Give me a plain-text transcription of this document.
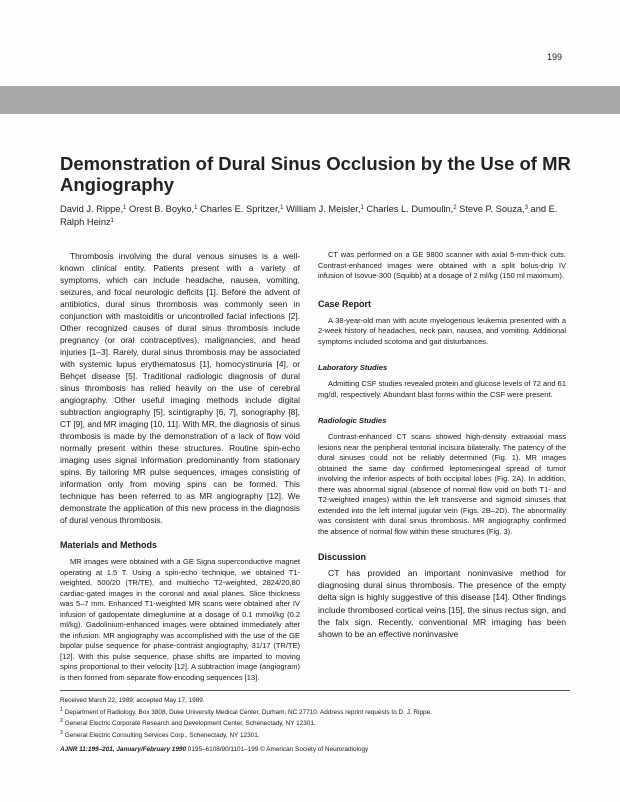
199
Demonstration of Dural Sinus Occlusion by the Use of MR Angiography
David J. Rippe,$^1$ Orest B. Boyko,$^1$ Charles E. Spritzer,$^1$ William J. Meisler,$^1$ Charles L. Dumoulin,$^2$ Steve P. Souza,$^3$ and E. Ralph Heinz$^1$

Thrombosis involving the dural venous sinuses is a well-known clinical entity. Patients present with a variety of symptoms, which can include headache, nausea, vomiting, seizures, and focal neurologic deficits [1]. Before the advent of antibiotics, dural sinus thrombosis was commonly seen in conjunction with mastoiditis or uncontrolled facial infections [2]. Other recognized causes of dural sinus thrombosis include pregnancy (or oral contraceptives), malignancies, and head injuries [1–3]. Rarely, dural sinus thrombosis may be associated with systemic lupus erythematosus [1], homocystinuria [4], or Behçet disease [5]. Traditional radiologic diagnosis of dural sinus thrombosis has relied heavily on the use of cerebral angiography. Other useful imaging methods include digital subtraction angiography [5], scintigraphy [6, 7], sonography [8], CT [9], and MR imaging [10, 11]. With MR, the diagnosis of sinus thrombosis is made by the demonstration of a lack of flow void normally present within these structures. Routine spin-echo imaging uses signal information predominantly from stationary spins. By tailoring MR pulse sequences, images consisting of information only from moving spins can be formed. This technique has been referred to as MR angiography [12]. We demonstrate the application of this new process in the diagnosis of dural venous thrombosis.

Materials and Methods

MR images were obtained with a GE Signa superconductive magnet operating at 1.5 T. Using a spin-echo technique, we obtained T1-weighted, 500/20 (TR/TE), and multiecho T2-weighted, 2824/20,80 cardiac-gated images in the coronal and axial planes. Slice thickness was 5–7 mm. Enhanced T1-weighted MR scans were obtained after IV infusion of gadopentate dimeglumine at a dosage of 0.1 mmol/kg (0.2 ml/kg). Gadolinium-enhanced images were obtained immediately after the infusion. MR angiography was accomplished with the use of the GE bipolar pulse sequence for phase-contrast angiography, 31/17 (TR/TE) [12]. With this pulse sequence, phase shifts are imparted to moving spins proportional to their velocity [12]. A subtraction image (angiogram) is then formed from separate flow-encoding sequences [13].

CT was performed on a GE 9800 scanner with axial 5-mm-thick cuts. Contrast-enhanced images were obtained with a split bolus-drip IV infusion of Isovue-300 (Squibb) at a dosage of 2 ml/kg (150 ml maximum).

Case Report

A 38-year-old man with acute myelogenous leukemia presented with a 2-week history of headaches, neck pain, nausea, and vomiting. Additional symptoms included scotoma and gait disturbances.

Laboratory Studies

Admitting CSF studies revealed protein and glucose levels of 72 and 61 mg/dl, respectively. Abundant blast forms within the CSF were present.

Radiologic Studies

Contrast-enhanced CT scans showed high-density extraaxial mass lesions near the peripheral tentorial incisura bilaterally. The patency of the dural sinuses could not be reliably determined (Fig. 1). MR images obtained the same day confirmed leptomeningeal spread of tumor involving the inferior aspects of both occipital lobes (Fig. 2A). In addition, there was abnormal signal (absence of normal flow void on both T1- and T2-weighted images) within the left transverse and sigmoid sinuses that extended into the left internal jugular vein (Figs. 2B–2D). The abnormality was consistent with dural sinus thrombosis. MR angiography confirmed the absence of normal flow within these structures (Fig. 3).

Discussion

CT has provided an important noninvasive method for diagnosing dural sinus thrombosis. The presence of the empty delta sign is highly suggestive of this disease [14]. Other findings include thrombosed cortical veins [15], the sinus rectus sign, and the falx sign. Recently, conventional MR imaging has been shown to be an effective noninvasive

Received March 22, 1989; accepted May 17, 1989.

$^1$ Department of Radiology, Box 3808, Duke University Medical Center, Durham, NC 27710. Address reprint requests to D. J. Rippe.

$^2$ General Electric Corporate Research and Development Center, Schenectady, NY 12301.

$^3$ General Electric Consulting Services Corp., Schenectady, NY 12301.

AJNR 11:199–201, January/February 1990 0195–6108/90/1101–199 © American Society of Neuroradiology
